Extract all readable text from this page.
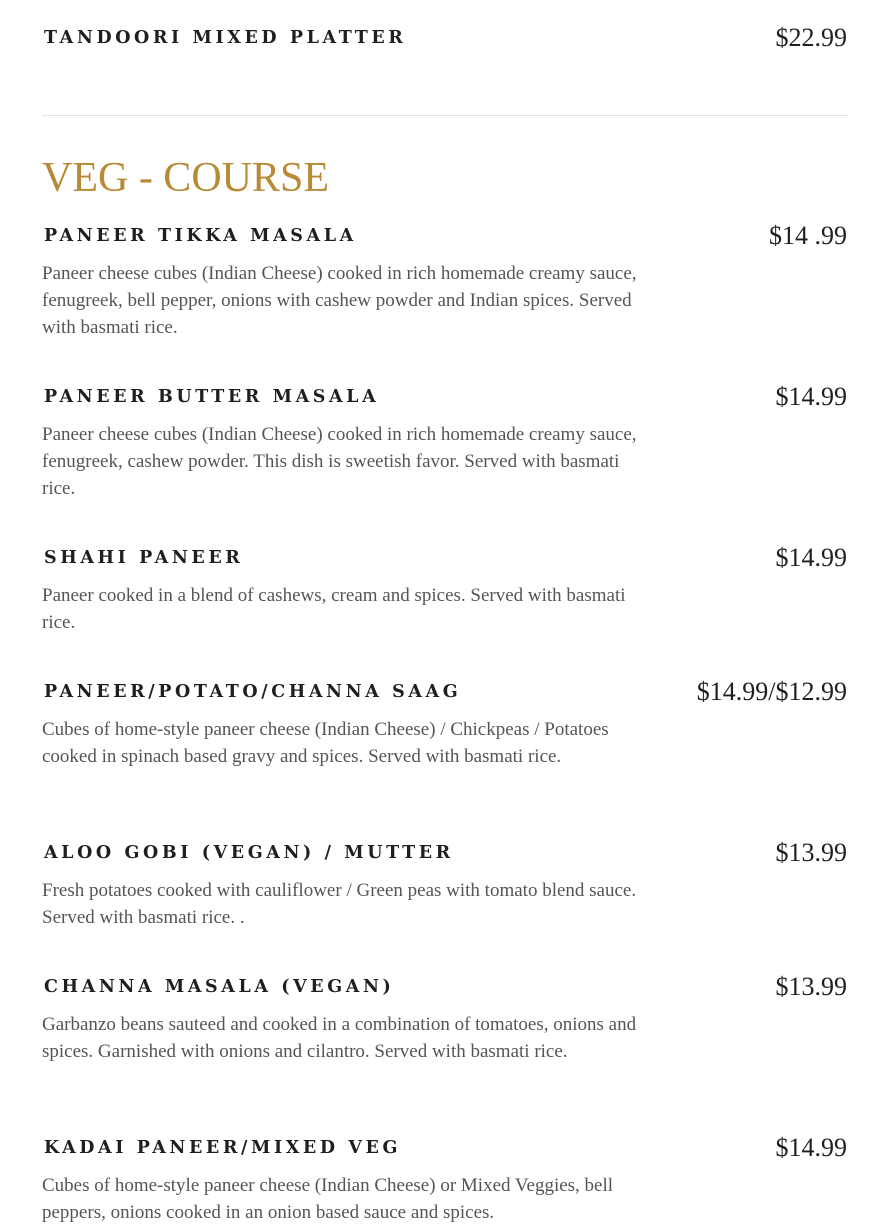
TANDOORI MIXED PLATTER	$22.99
VEG - COURSE
PANEER TIKKA MASALA	$14 .99
Paneer cheese cubes (Indian Cheese) cooked in rich homemade creamy sauce, fenugreek, bell pepper, onions with cashew powder and Indian spices. Served with basmati rice.
PANEER BUTTER MASALA	$14.99
Paneer cheese cubes (Indian Cheese) cooked in rich homemade creamy sauce, fenugreek, cashew powder. This dish is sweetish favor. Served with basmati rice.
SHAHI PANEER	$14.99
Paneer cooked in a blend of cashews, cream and spices. Served with basmati rice.
PANEER/POTATO/CHANNA SAAG	$14.99/$12.99
Cubes of home-style paneer cheese (Indian Cheese) / Chickpeas / Potatoes cooked in spinach based gravy and spices. Served with basmati rice.
ALOO GOBI (VEGAN) / MUTTER	$13.99
Fresh potatoes cooked with cauliflower / Green peas with tomato blend sauce. Served with basmati rice. .
CHANNA MASALA (VEGAN)	$13.99
Garbanzo beans sauteed and cooked in a combination of tomatoes, onions and spices. Garnished with onions and cilantro. Served with basmati rice.
KADAI PANEER/MIXED VEG	$14.99
Cubes of home-style paneer cheese (Indian Cheese) or Mixed Veggies, bell peppers, onions cooked in an onion based sauce and spices.
